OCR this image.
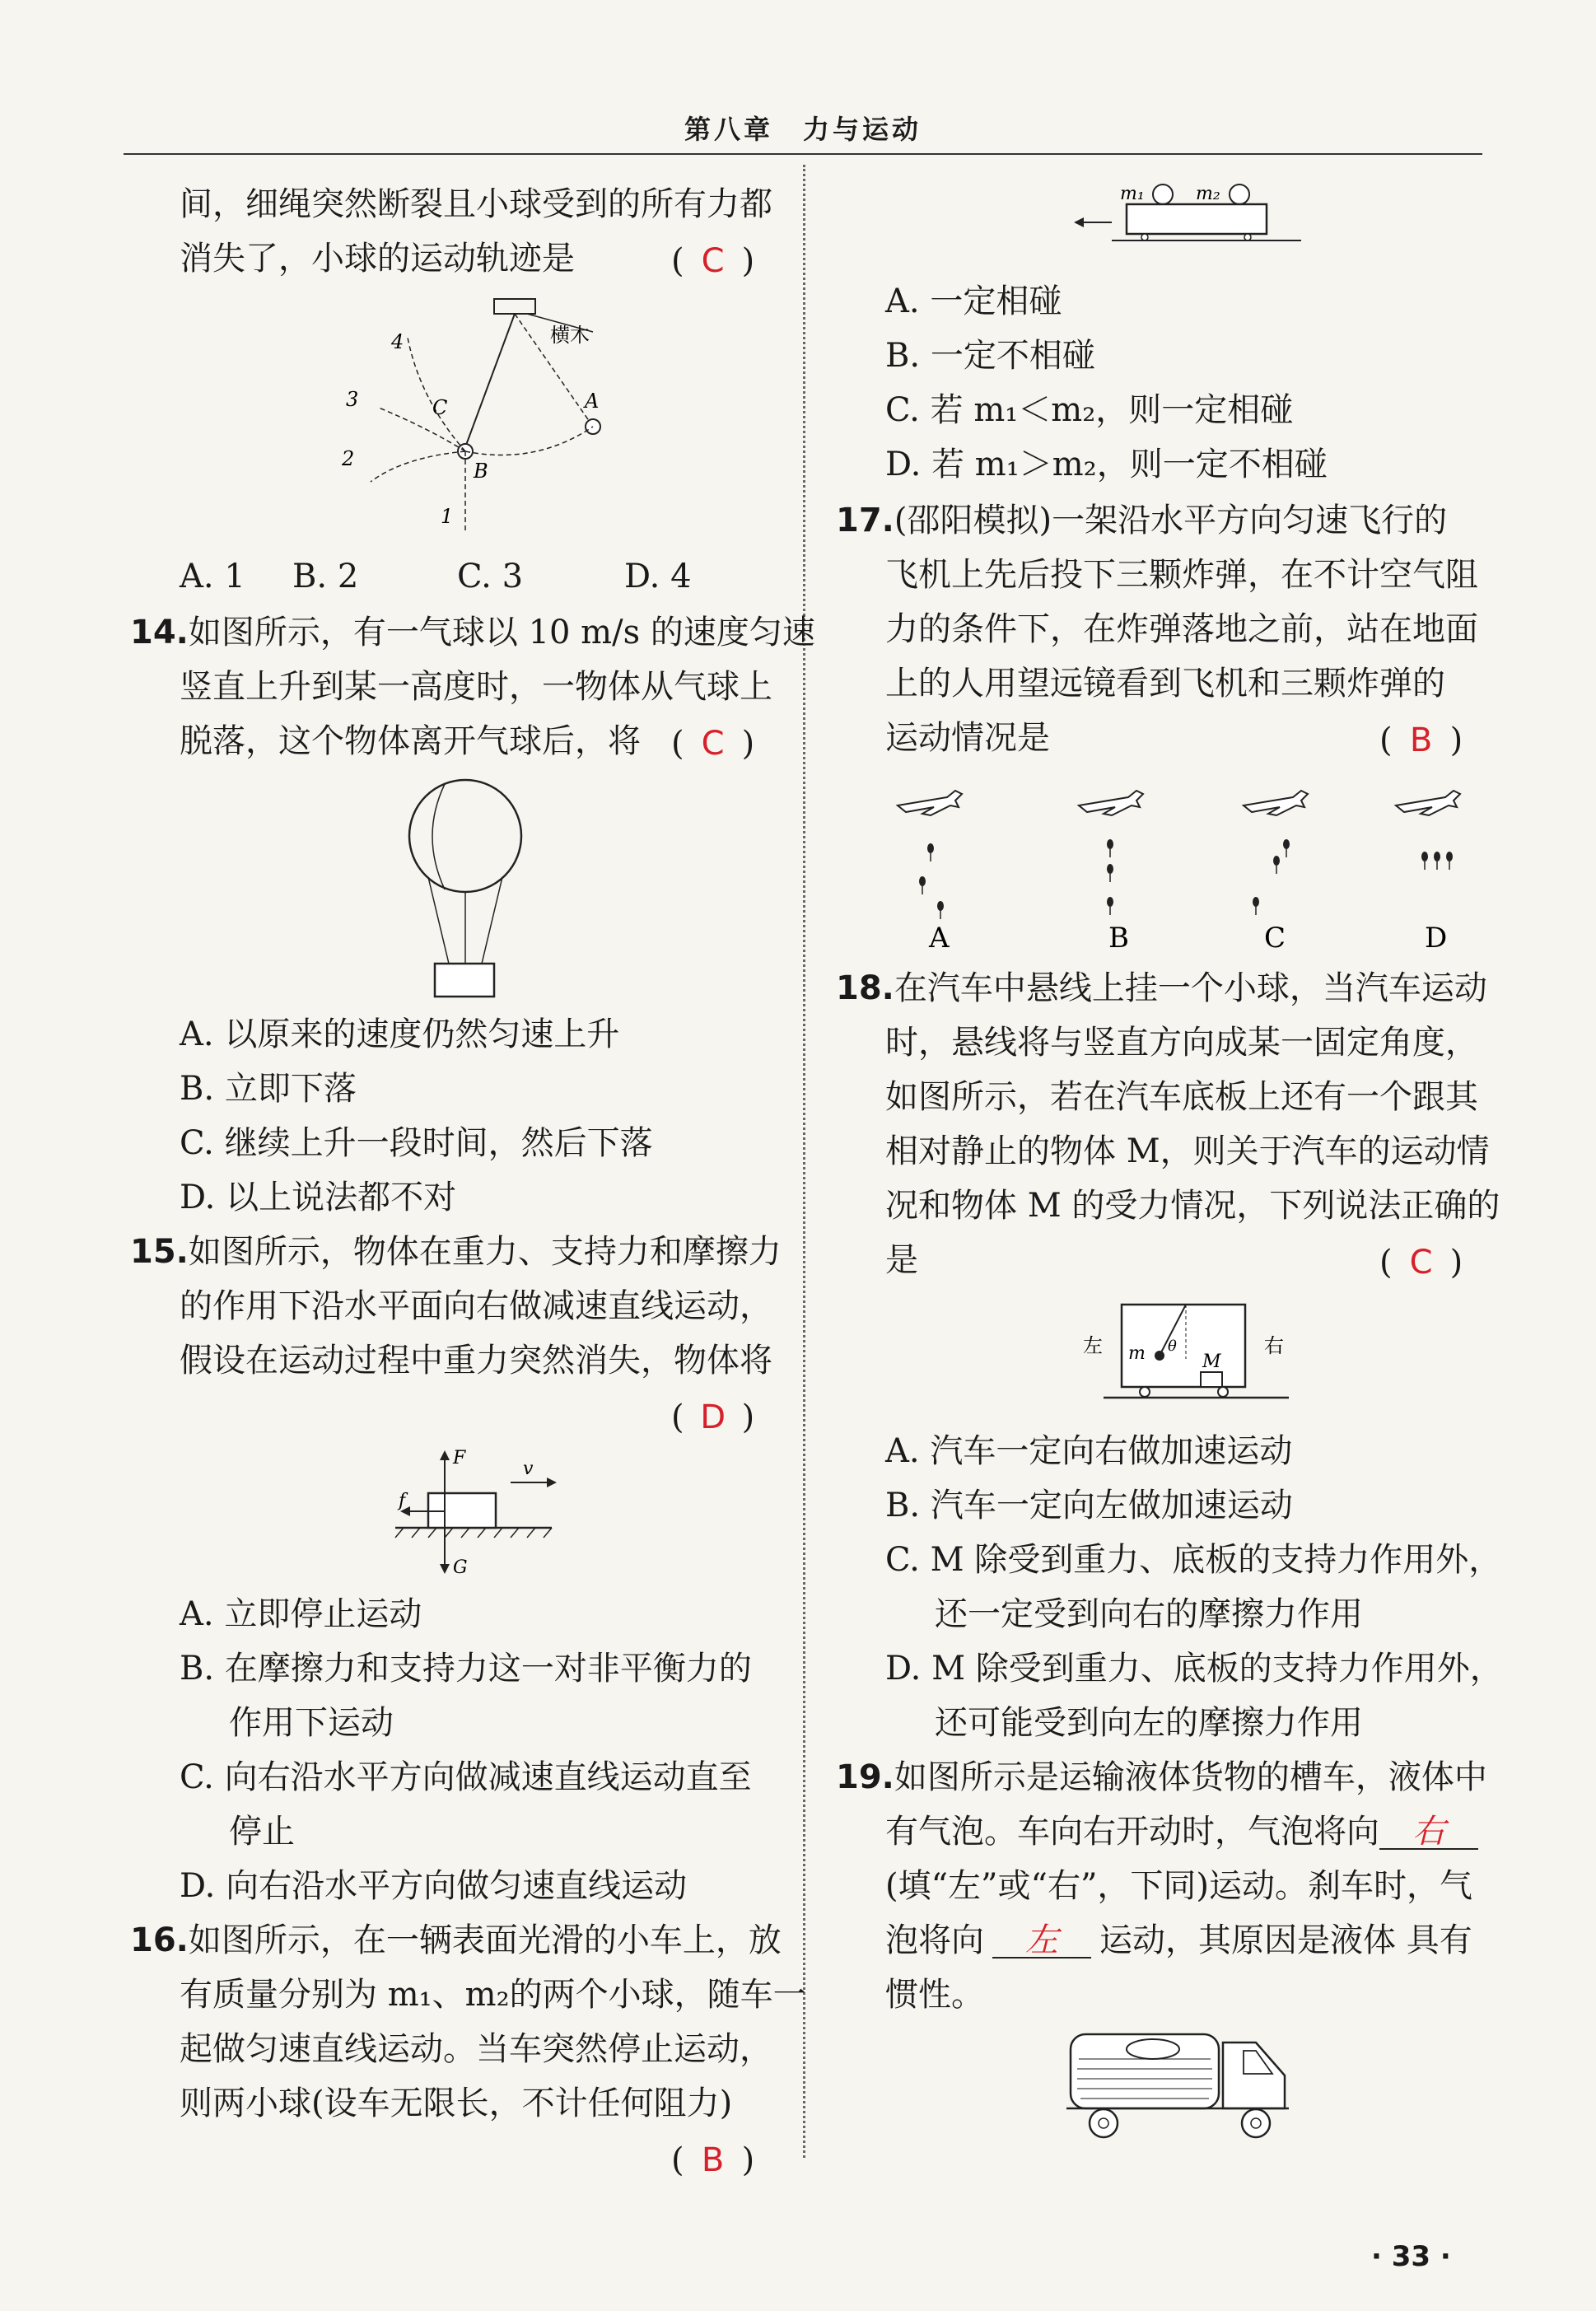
第八章　力与运动
间，细绳突然断裂且小球受到的所有力都
消失了，小球的运动轨迹是	( C )
横木
4
3
2
1
C	A
B
A. 1 B. 2	C. 3	D. 4
14.如图所示，有一气球以 10 m/s 的速度匀速
竖直上升到某一高度时，一物体从气球上
脱落，这个物体离开气球后，将 ( C )
A. 以原来的速度仍然匀速上升
B. 立即下落
C. 继续上升一段时间，然后下落
D. 以上说法都不对
15.如图所示，物体在重力、支持力和摩擦力
的作用下沿水平面向右做减速直线运动，
假设在运动过程中重力突然消失，物体将
( D )
F
v
f
G
A. 立即停止运动
B. 在摩擦力和支持力这一对非平衡力的
作用下运动
C. 向右沿水平方向做减速直线运动直至
停止
D. 向右沿水平方向做匀速直线运动
16.如图所示，在一辆表面光滑的小车上，放
有质量分别为 m₁、m₂的两个小球，随车一
起做匀速直线运动。当车突然停止运动，
则两小球(设车无限长，不计任何阻力)
( B )
m₁	m₂
A. 一定相碰
B. 一定不相碰
C. 若 m₁＜m₂，则一定相碰
D. 若 m₁＞m₂，则一定不相碰
17.(邵阳模拟)一架沿水平方向匀速飞行的
飞机上先后投下三颗炸弹，在不计空气阻
力的条件下，在炸弹落地之前，站在地面
上的人用望远镜看到飞机和三颗炸弹的
运动情况是	( B )
A	B	C	D
18.在汽车中悬线上挂一个小球，当汽车运动
时，悬线将与竖直方向成某一固定角度，
如图所示，若在汽车底板上还有一个跟其
相对静止的物体 M，则关于汽车的运动情
况和物体 M 的受力情况，下列说法正确的
是	( C )
左	右
m θ
M
A. 汽车一定向右做加速运动
B. 汽车一定向左做加速运动
C. M 除受到重力、底板的支持力作用外，
还一定受到向右的摩擦力作用
D. M 除受到重力、底板的支持力作用外，
还可能受到向左的摩擦力作用
19.如图所示是运输液体货物的槽车，液体中
有气泡。车向右开动时，气泡将向 右
(填“左”或“右”，下同)运动。刹车时，气
泡将向 左 运动，其原因是液体 具有
惯性。
· 33 ·
